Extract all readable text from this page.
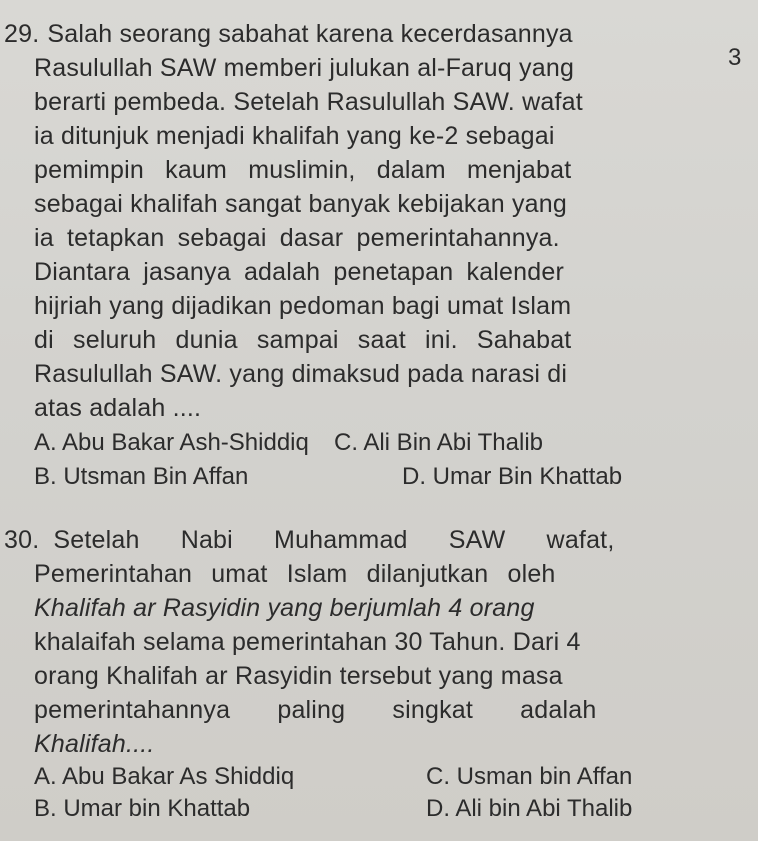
3
29. Salah seorang sabahat karena kecerdasannya
Rasulullah SAW memberi julukan al-Faruq yang
berarti pembeda. Setelah Rasulullah SAW. wafat
ia ditunjuk menjadi khalifah yang ke-2 sebagai
pemimpin kaum muslimin, dalam menjabat
sebagai khalifah sangat banyak kebijakan yang
ia tetapkan sebagai dasar pemerintahannya.
Diantara jasanya adalah penetapan kalender
hijriah yang dijadikan pedoman bagi umat Islam
di seluruh dunia sampai saat ini. Sahabat
Rasulullah SAW. yang dimaksud pada narasi di
atas adalah ....
A. Abu Bakar Ash-Shiddiq C. Ali Bin Abi Thalib
B. Utsman Bin Affan	D. Umar Bin Khattab
30. Setelah Nabi Muhammad SAW wafat,
Pemerintahan umat Islam dilanjutkan oleh
Khalifah ar Rasyidin yang berjumlah 4 orang
khalaifah selama pemerintahan 30 Tahun. Dari 4
orang Khalifah ar Rasyidin tersebut yang masa
pemerintahannya paling singkat adalah
Khalifah....
A. Abu Bakar As Shiddiq	C. Usman bin Affan
B. Umar bin Khattab	D. Ali bin Abi Thalib
